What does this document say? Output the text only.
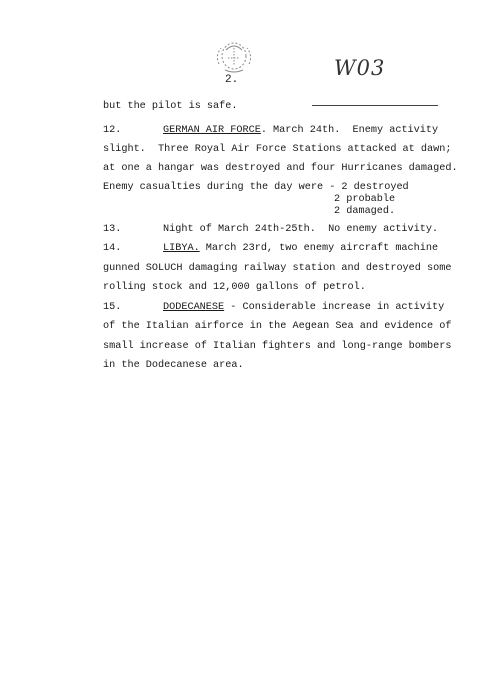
2.	W03
but the pilot is safe.
12.	GERMAN AIR FORCE. March 24th.  Enemy activity
slight.  Three Royal Air Force Stations attacked at dawn;
at one a hangar was destroyed and four Hurricanes damaged.
Enemy casualties during the day were - 2 destroyed
2 probable
2 damaged.
13.	Night of March 24th-25th.  No enemy activity.
14.	LIBYA. March 23rd, two enemy aircraft machine
gunned SOLUCH damaging railway station and destroyed some
rolling stock and 12,000 gallons of petrol.
15.	DODECANESE - Considerable increase in activity
of the Italian airforce in the Aegean Sea and evidence of
small increase of Italian fighters and long-range bombers
in the Dodecanese area.
